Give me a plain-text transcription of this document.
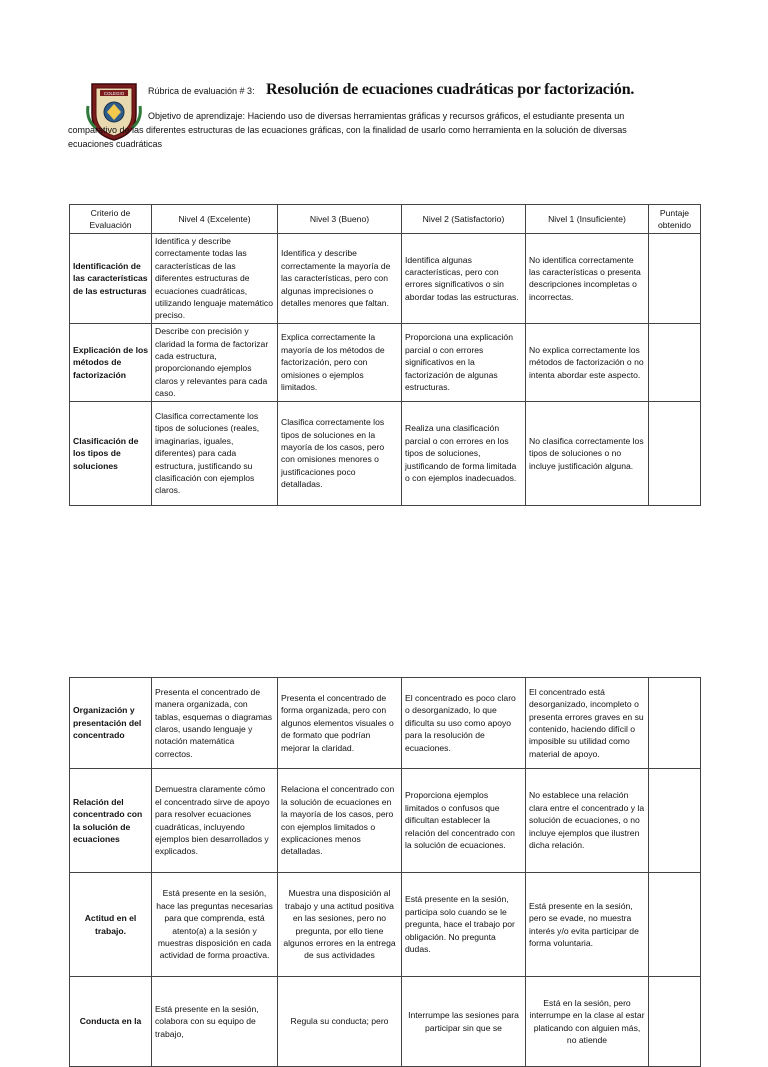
COLEGIO	Rúbrica de evaluación # 3: Resolución de ecuaciones cuadráticas por factorización.
Objetivo de aprendizaje: Haciendo uso de diversas herramientas gráficas y recursos gráficos, el estudiante presenta un comparativo de las diferentes estructuras de las ecuaciones gráficas, con la finalidad de usarlo como herramienta en la solución de diversas ecuaciones cuadráticas
Criterio de Evaluación	Nivel 4 (Excelente)	Nivel 3 (Bueno)	Nivel 2 (Satisfactorio)	Nivel 1 (Insuficiente)	Puntaje obtenido
Identificación de las características de las estructuras	Identifica y describe correctamente todas las características de las diferentes estructuras de ecuaciones cuadráticas, utilizando lenguaje matemático preciso.	Identifica y describe correctamente la mayoría de las características, pero con algunas imprecisiones o detalles menores que faltan.	Identifica algunas características, pero con errores significativos o sin abordar todas las estructuras.	No identifica correctamente las características o presenta descripciones incompletas o incorrectas.	
Explicación de los métodos de factorización	Describe con precisión y claridad la forma de factorizar cada estructura, proporcionando ejemplos claros y relevantes para cada caso.	Explica correctamente la mayoría de los métodos de factorización, pero con omisiones o ejemplos limitados.	Proporciona una explicación parcial o con errores significativos en la factorización de algunas estructuras.	No explica correctamente los métodos de factorización o no intenta abordar este aspecto.	
Clasificación de los tipos de soluciones	Clasifica correctamente los tipos de soluciones (reales, imaginarias, iguales, diferentes) para cada estructura, justificando su clasificación con ejemplos claros.	Clasifica correctamente los tipos de soluciones en la mayoría de los casos, pero con omisiones menores o justificaciones poco detalladas.	Realiza una clasificación parcial o con errores en los tipos de soluciones, justificando de forma limitada o con ejemplos inadecuados.	No clasifica correctamente los tipos de soluciones o no incluye justificación alguna.	
Organización y presentación del concentrado	Presenta el concentrado de manera organizada, con tablas, esquemas o diagramas claros, usando lenguaje y notación matemática correctos.	Presenta el concentrado de forma organizada, pero con algunos elementos visuales o de formato que podrían mejorar la claridad.	El concentrado es poco claro o desorganizado, lo que dificulta su uso como apoyo para la resolución de ecuaciones.	El concentrado está desorganizado, incompleto o presenta errores graves en su contenido, haciendo difícil o imposible su utilidad como material de apoyo.	
Relación del concentrado con la solución de ecuaciones	Demuestra claramente cómo el concentrado sirve de apoyo para resolver ecuaciones cuadráticas, incluyendo ejemplos bien desarrollados y explicados.	Relaciona el concentrado con la solución de ecuaciones en la mayoría de los casos, pero con ejemplos limitados o explicaciones menos detalladas.	Proporciona ejemplos limitados o confusos que dificultan establecer la relación del concentrado con la solución de ecuaciones.	No establece una relación clara entre el concentrado y la solución de ecuaciones, o no incluye ejemplos que ilustren dicha relación.	
Actitud en el trabajo.	Está presente en la sesión, hace las preguntas necesarias para que comprenda, está atento(a) a la sesión y muestras disposición en cada actividad de forma proactiva.	Muestra una disposición al trabajo y una actitud positiva en las sesiones, pero no pregunta, por ello tiene algunos errores en la entrega de sus actividades	Está presente en la sesión, participa solo cuando se le pregunta, hace el trabajo por obligación. No pregunta dudas.	Está presente en la sesión, pero se evade, no muestra interés y/o evita participar de forma voluntaria.	
Conducta en la	Está presente en la sesión, colabora con su equipo de trabajo,	Regula su conducta; pero	Interrumpe las sesiones para participar sin que se	Está en la sesión, pero interrumpe en la clase al estar platicando con alguien más, no atiende	
